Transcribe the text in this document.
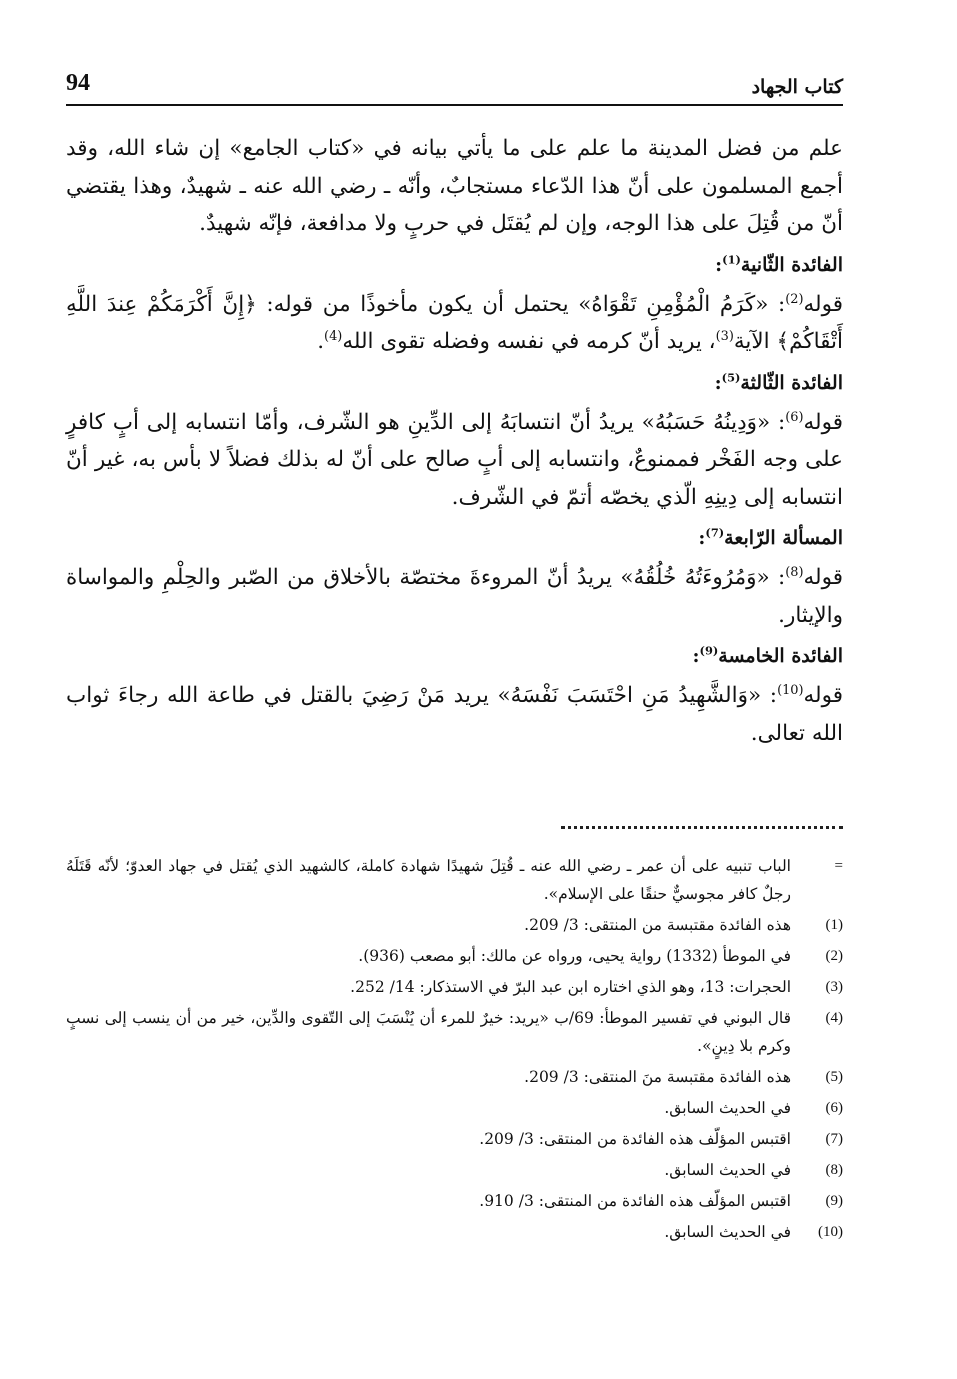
كتاب الجهاد
94

علم من فضل المدينة ما علم على ما يأتي بيانه في «كتاب الجامع» إن شاء الله، وقد أجمع المسلمون على أنّ هذا الدّعاء مستجابٌ، وأنّه ـ رضي الله عنه ـ شهيدٌ، وهذا يقتضي أنّ من قُتِلَ على هذا الوجه، وإن لم يُقتَل في حربٍ ولا مدافعة، فإنّه شهيدٌ.

الفائدة الثّانية$^{(1)}$:

قوله$^{(2)}$: «كَرَمُ الْمُؤْمِنِ تَقْوَاهُ» يحتمل أن يكون مأخوذًا من قوله: ﴿إِنَّ أَكْرَمَكُمْ عِندَ اللَّهِ أَتْقَاكُمْ﴾ الآية$^{(3)}$، يريد أنّ كرمه في نفسه وفضله تقوى الله$^{(4)}$.

الفائدة الثّالثة$^{(5)}$:

قوله$^{(6)}$: «وَدِينُهُ حَسَبُهُ» يريدُ أنّ انتسابَهُ إلى الدِّينِ هو الشّرف، وأمّا انتسابه إلى أبٍ كافرٍ على وجه الفَخْر فممنوعٌ، وانتسابه إلى أبٍ صالح على أنّ له بذلك فضلاً لا بأس به، غير أنّ انتسابه إلى دِينِهِ الّذي يخصّه أتمّ في الشّرف.

المسألة الرّابعة$^{(7)}$:

قوله$^{(8)}$: «وَمُرُوءَتُهُ خُلُقُهُ» يريدُ أنّ المروءةَ مختصّة بالأخلاق من الصّبر والحِلْمِ والمواساة والإيثار.

الفائدة الخامسة$^{(9)}$:

قوله$^{(10)}$: «وَالشَّهِيدُ مَنِ احْتَسَبَ نَفْسَهُ» يريد مَنْ رَضِيَ بالقتل في طاعة الله رجاءَ ثواب الله تعالى.

=
الباب تنبيه على أن عمر ـ رضي الله عنه ـ قُتِلَ شهيدًا شهادة كاملة، كالشهيد الذي يُقتل في جهاد العدوّ؛ لأنّه قَتَلَهُ رجلٌ كافر مجوسيٌّ حنقًا على الإسلام».
(1)
هذه الفائدة مقتبسة من المنتقى: 3/ 209.
(2)
في الموطأ (1332) رواية يحيى، ورواه عن مالك: أبو مصعب (936).
(3)
الحجرات: 13، وهو الذي اختاره ابن عبد البرّ في الاستذكار: 14/ 252.
(4)
قال البوني في تفسير الموطأ: 69/ب «يريد: خيرٌ للمرء أن يُنْسَبَ إلى التّقوى والدِّين، خير من أن ينسب إلى نسبٍ وكرم بلا دِينٍ».
(5)
هذه الفائدة مقتبسة منَ المنتقى: 3/ 209.
(6)
في الحديث السابق.
(7)
اقتبس المؤلّف هذه الفائدة من المنتقى: 3/ 209.
(8)
في الحديث السابق.
(9)
اقتبس المؤلّف هذه الفائدة من المنتقى: 3/ 910.
(10)
في الحديث السابق.
